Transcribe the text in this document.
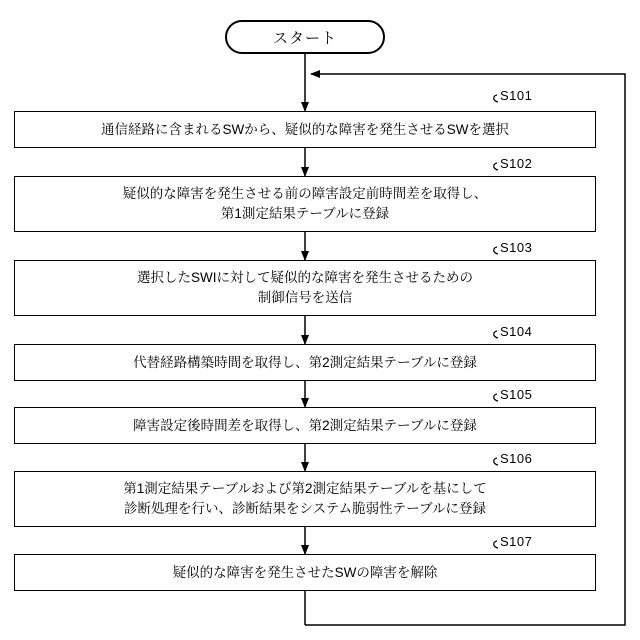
スタート
S101
通信経路に含まれるSWから、疑似的な障害を発生させるSWを選択
S102
疑似的な障害を発生させる前の障害設定前時間差を取得し、
第1測定結果テーブルに登録
S103
選択したSWIに対して疑似的な障害を発生させるための
制御信号を送信
S104
代替経路構築時間を取得し、第2測定結果テーブルに登録
S105
障害設定後時間差を取得し、第2測定結果テーブルに登録
S106
第1測定結果テーブルおよび第2測定結果テーブルを基にして
診断処理を行い、診断結果をシステム脆弱性テーブルに登録
S107
疑似的な障害を発生させたSWの障害を解除
